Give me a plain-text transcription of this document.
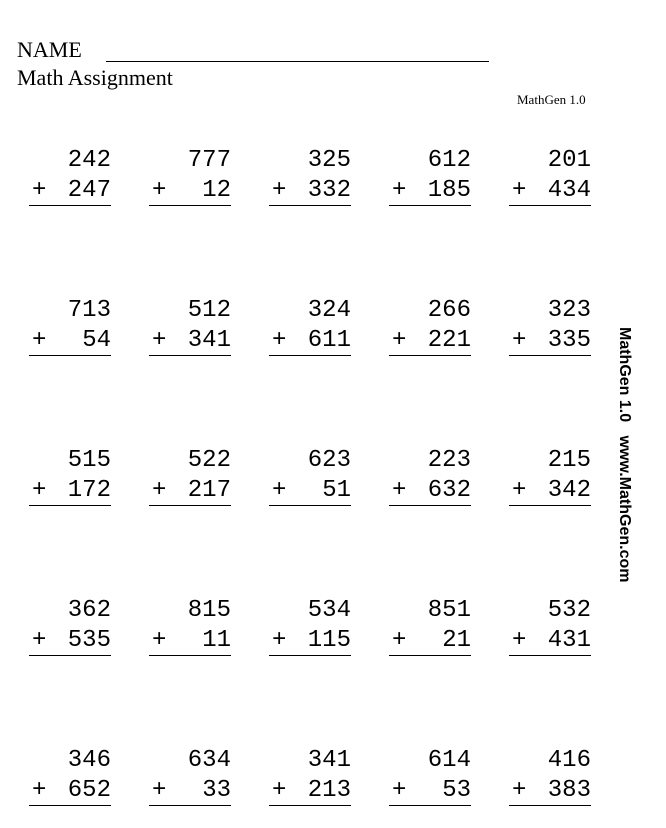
NAME
Math Assignment
MathGen 1.0
242
+ 247
777
+ 12
325
+ 332
612
+ 185
201
+ 434
713
+ 54
512
+ 341
324
+ 611
266
+ 221
323
+ 335
515
+ 172
522
+ 217
623
+ 51
223
+ 632
215
+ 342
362
+ 535
815
+ 11
534
+ 115
851
+ 21
532
+ 431
346
+ 652
634
+ 33
341
+ 213
614
+ 53
416
+ 383
MathGen 1.0   www.MathGen.com
